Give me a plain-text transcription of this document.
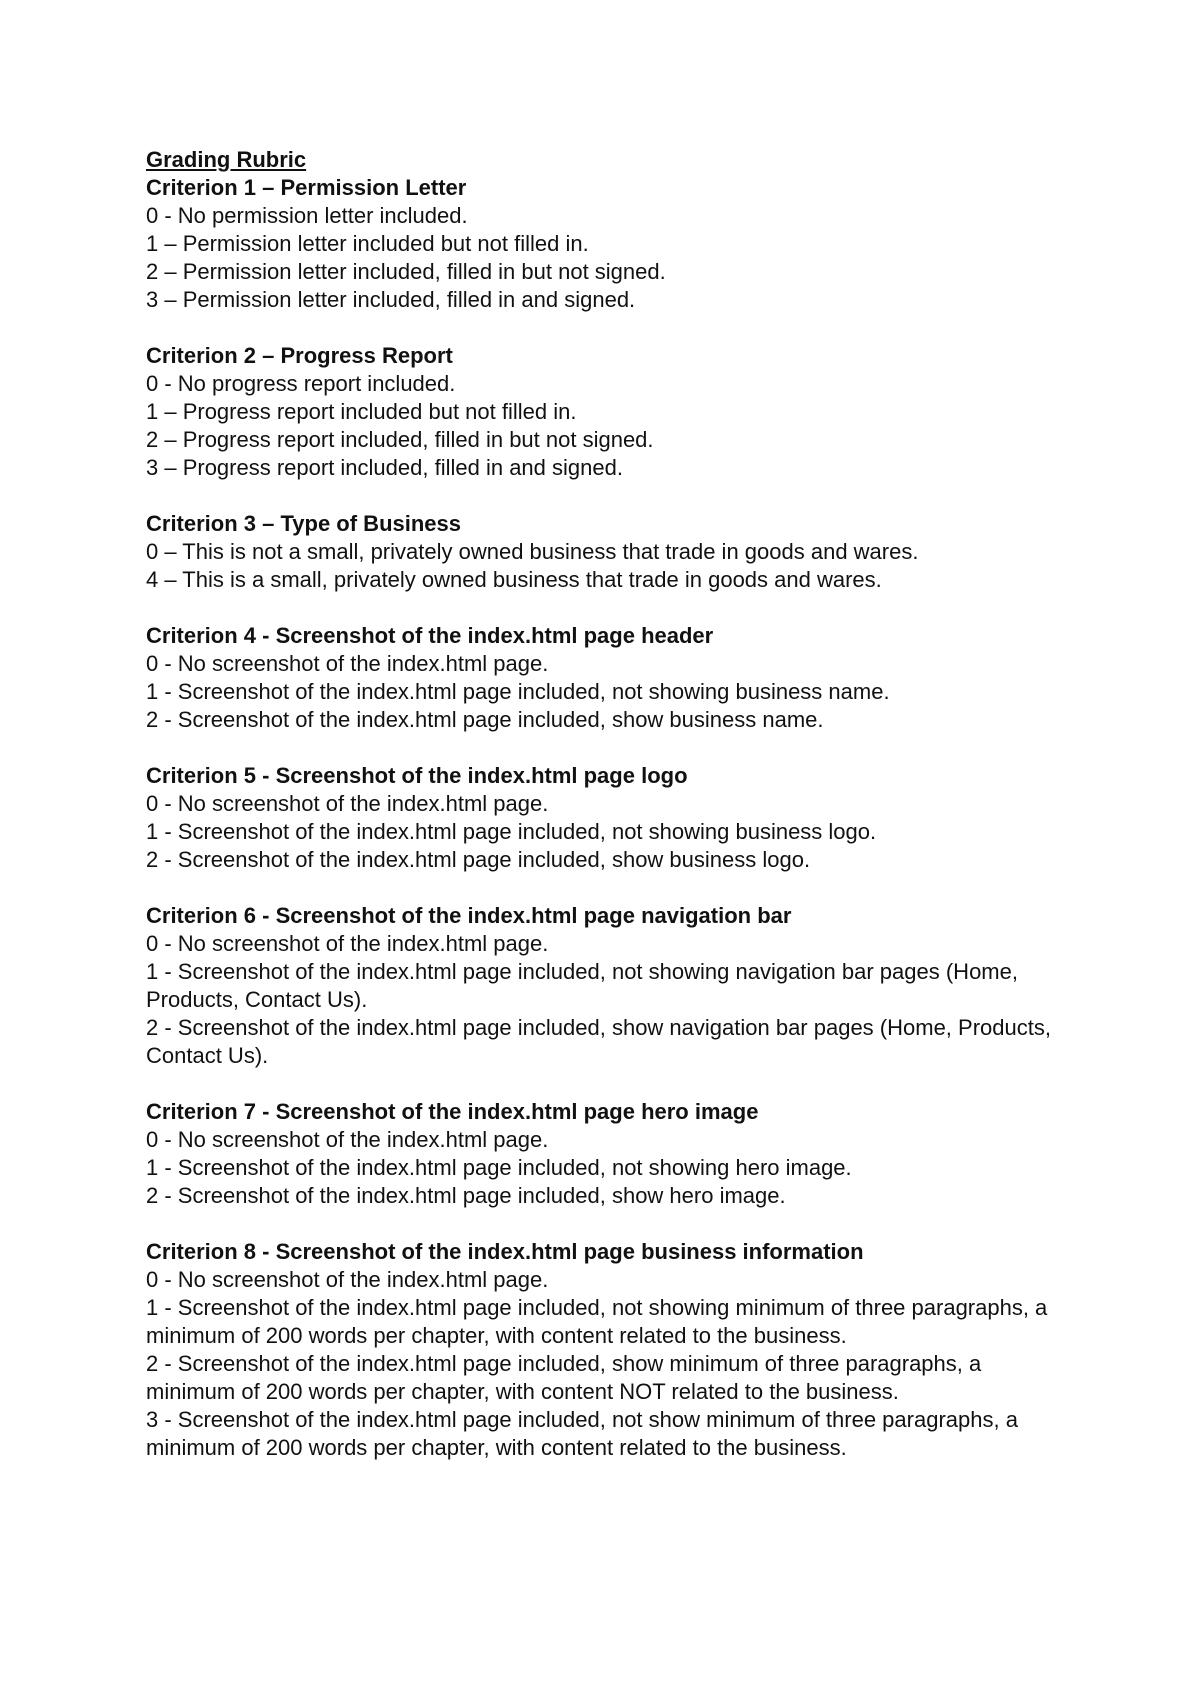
Grading Rubric

Criterion 1 – Permission Letter

0 - No permission letter included.

1 – Permission letter included but not filled in.

2 – Permission letter included, filled in but not signed.

3 – Permission letter included, filled in and signed.

Criterion 2 – Progress Report

0 - No progress report included.

1 – Progress report included but not filled in.

2 – Progress report included, filled in but not signed.

3 – Progress report included, filled in and signed.

Criterion 3 – Type of Business

0 – This is not a small, privately owned business that trade in goods and wares.

4 – This is a small, privately owned business that trade in goods and wares.

Criterion 4 - Screenshot of the index.html page header

0 - No screenshot of the index.html page.

1 - Screenshot of the index.html page included, not showing business name.

2 - Screenshot of the index.html page included, show business name.

Criterion 5 - Screenshot of the index.html page logo

0 - No screenshot of the index.html page.

1 - Screenshot of the index.html page included, not showing business logo.

2 - Screenshot of the index.html page included, show business logo.

Criterion 6 - Screenshot of the index.html page navigation bar

0 - No screenshot of the index.html page.

1 - Screenshot of the index.html page included, not showing navigation bar pages (Home, Products, Contact Us).

2 - Screenshot of the index.html page included, show navigation bar pages (Home, Products, Contact Us).

Criterion 7 - Screenshot of the index.html page hero image

0 - No screenshot of the index.html page.

1 - Screenshot of the index.html page included, not showing hero image.

2 - Screenshot of the index.html page included, show hero image.

Criterion 8 - Screenshot of the index.html page business information

0 - No screenshot of the index.html page.

1 - Screenshot of the index.html page included, not showing minimum of three paragraphs, a minimum of 200 words per chapter, with content related to the business.

2 - Screenshot of the index.html page included, show minimum of three paragraphs, a minimum of 200 words per chapter, with content NOT related to the business.

3 - Screenshot of the index.html page included, not show minimum of three paragraphs, a minimum of 200 words per chapter, with content related to the business.
